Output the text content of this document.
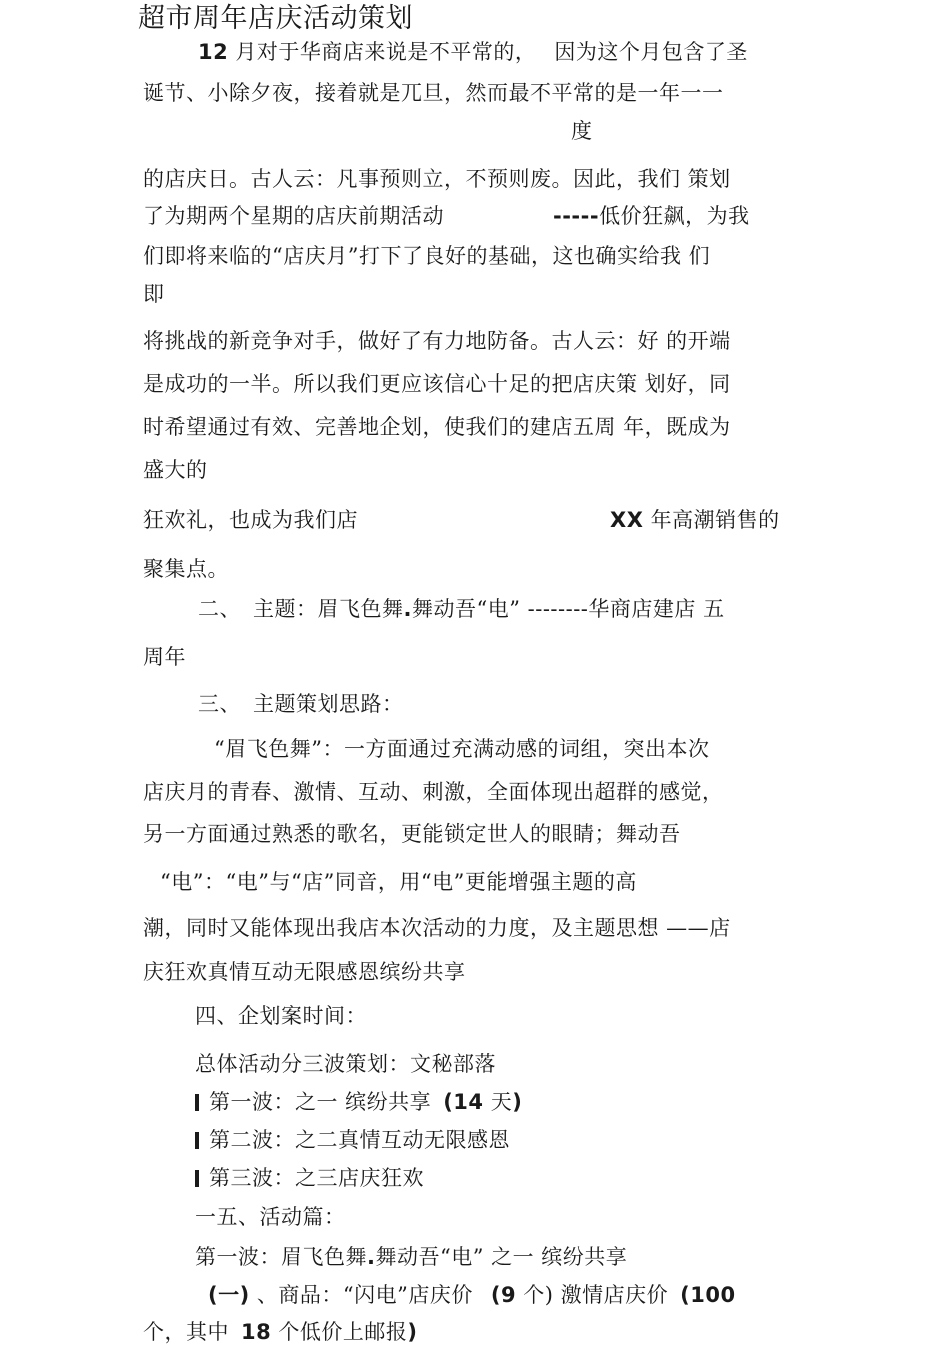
超市周年店庆活动策划
12 月对于华商店来说是不平常的， 因为这个月包含了圣
诞节、小除夕夜，接着就是兀旦，然而最不平常的是一年一一
度
的店庆日。古人云：凡事预则立，不预则废。因此，我们 策划
了为期两个星期的店庆前期活动	-----低价狂飙，为我
们即将来临的“店庆月”打下了良好的基础，这也确实给我 们
即
将挑战的新竞争对手，做好了有力地防备。古人云：好 的开端
是成功的一半。所以我们更应该信心十足的把店庆策 划好，同
时希望通过有效、完善地企划，使我们的建店五周 年，既成为
盛大的
狂欢礼，也成为我们店	XX 年高潮销售的
聚集点。
二、 主题：眉飞色舞.舞动吾“电” --------华商店建店 五
周年
三、 主题策划思路：
“眉飞色舞”：一方面通过充满动感的词组，突出本次
店庆月的青春、激情、互动、刺激，全面体现出超群的感觉，
另一方面通过熟悉的歌名，更能锁定世人的眼睛；舞动吾
“电”：“电”与“店”同音，用“电”更能增强主题的高
潮，同时又能体现出我店本次活动的力度，及主题思想 ——店
庆狂欢真情互动无限感恩缤纷共享
四、企划案时间：
总体活动分三波策划：文秘部落
第一波：之一 缤纷共享 (14 天)
第二波：之二真情互动无限感恩
第三波：之三店庆狂欢
一五、活动篇：
第一波：眉飞色舞.舞动吾“电” 之一 缤纷共享
(一) 、商品：“闪电”店庆价 (9 个) 激情店庆价 (100
个，其中 18 个低价上邮报)
